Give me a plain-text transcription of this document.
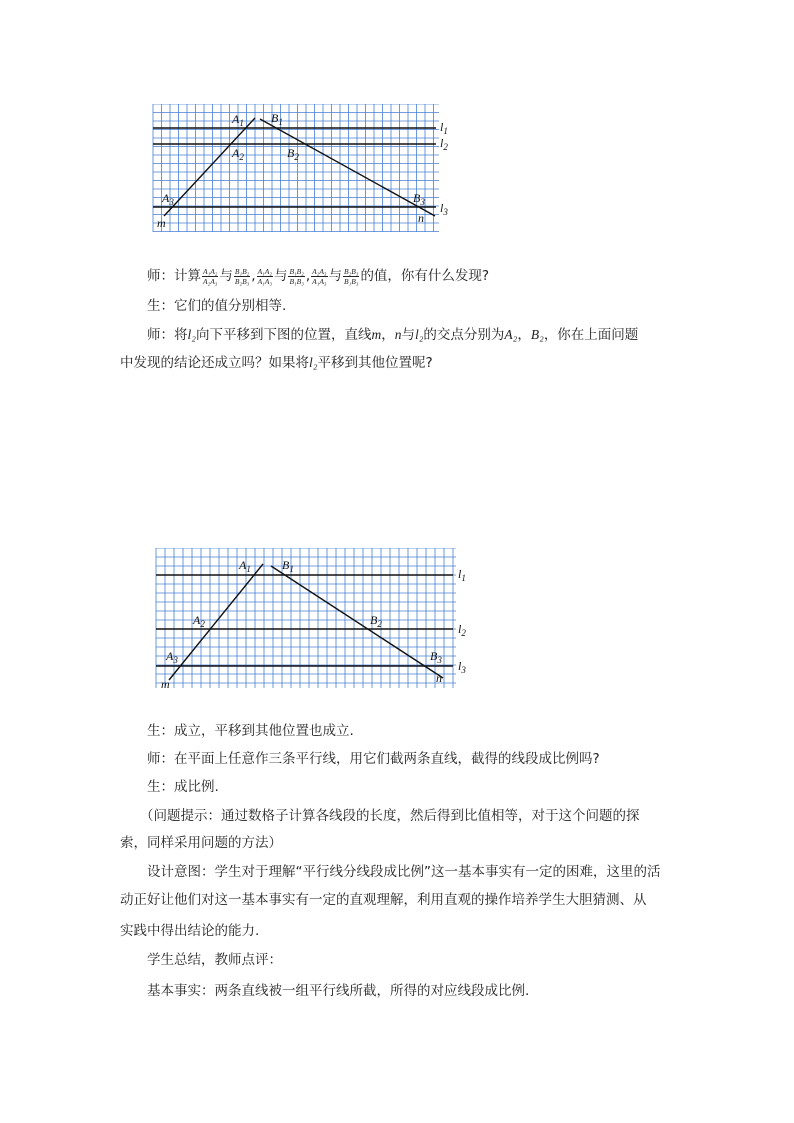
$A_1$ $B_1$
$A_2$	$B_2$
$A_3$	$B_3$
m	n
$l_1$
$l_2$
$l_3$
师：计算 $\frac{\text{A₁A₂}}{\text{A₂A₃}}$ 与 $\frac{\text{B₁B₂}}{\text{B₂B₃}}$ , $\frac{\text{A₁A₂}}{\text{A₁A₃}}$ 与 $\frac{\text{B₁B₂}}{\text{B₁B₃}}$ , $\frac{\text{A₂A₃}}{\text{A₁A₃}}$ 与 $\frac{\text{B₂B₃}}{\text{B₁B₃}}$ 的值，你有什么发现?
生：它们的值分别相等.
师：将l₂向下平移到下图的位置，直线m，n与l₂的交点分别为A₂，B₂，你在上面问题
中发现的结论还成立吗？如果将l₂平移到其他位置呢?
$A_1$	$B_1$
$A_2$	$B_2$
$A_3$	$B_3$
m	n
$l_1$
$l_2$
$l_3$
生：成立，平移到其他位置也成立.
师：在平面上任意作三条平行线，用它们截两条直线，截得的线段成比例吗?
生：成比例.
（问题提示：通过数格子计算各线段的长度，然后得到比值相等，对于这个问题的探
索，同样采用问题的方法）
设计意图：学生对于理解“平行线分线段成比例”这一基本事实有一定的困难，这里的活
动正好让他们对这一基本事实有一定的直观理解，利用直观的操作培养学生大胆猜测、从
实践中得出结论的能力.
学生总结，教师点评：
基本事实：两条直线被一组平行线所截，所得的对应线段成比例.
